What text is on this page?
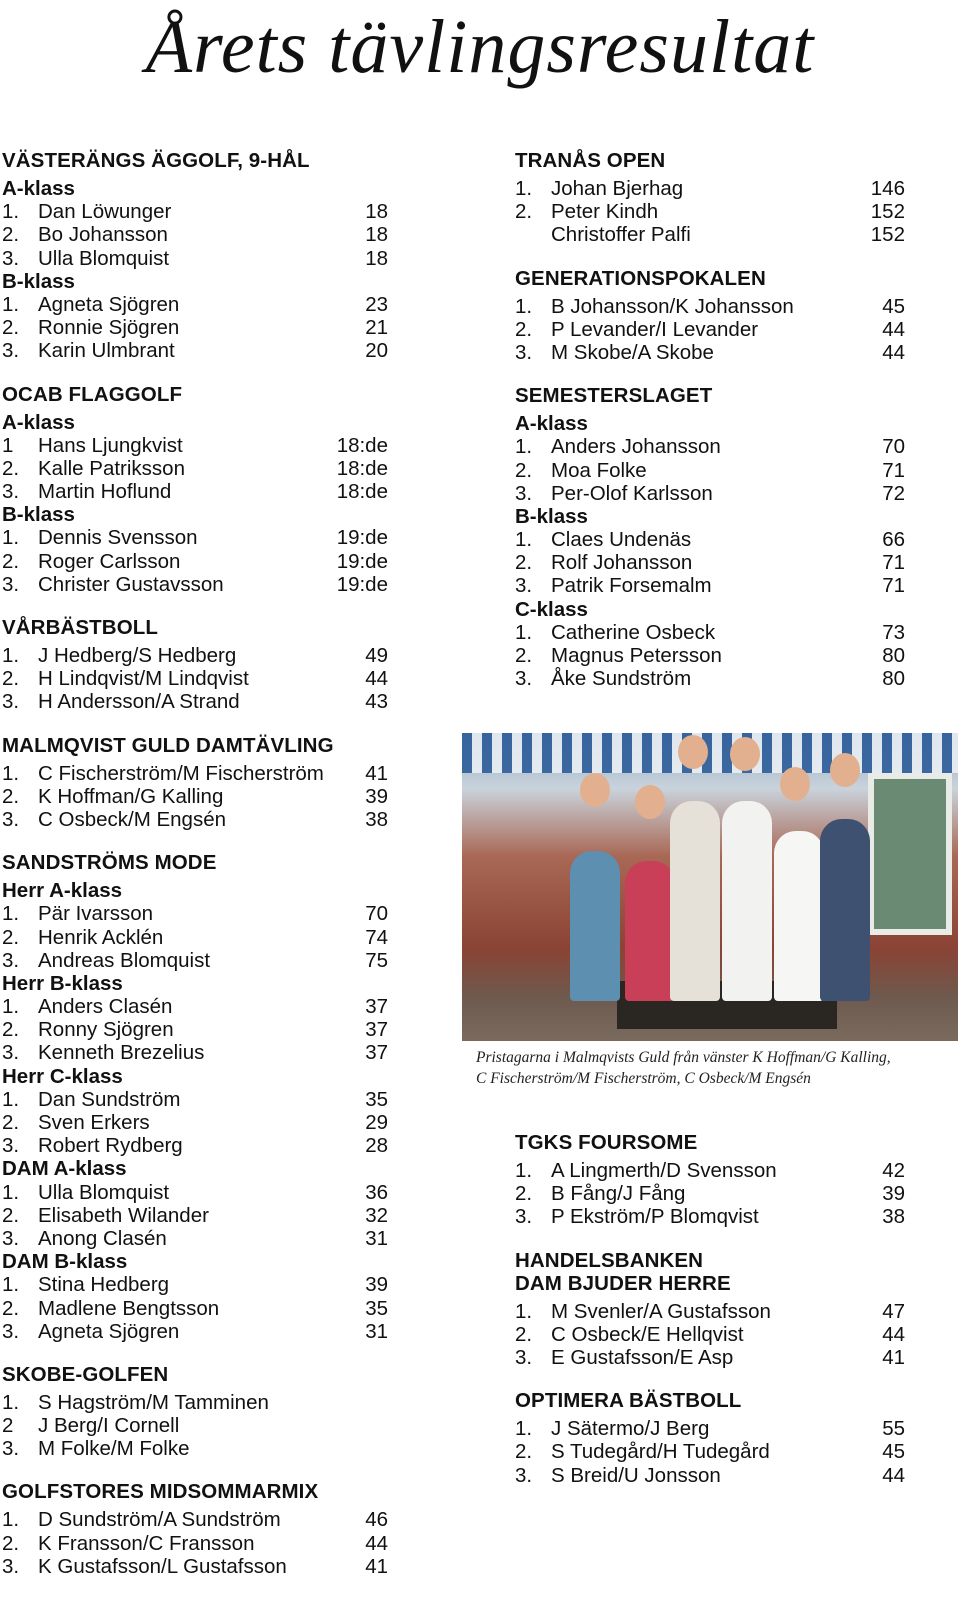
Årets tävlingsresultat
VÄSTERÄNGS ÄGGOLF, 9-HÅL
A-klass
1. Dan Löwunger	18
2. Bo Johansson	18
3. Ulla Blomquist	18
B-klass
1. Agneta Sjögren	23
2. Ronnie Sjögren	21
3. Karin Ulmbrant	20
OCAB FLAGGOLF
A-klass
1	Hans Ljungkvist	18:de
2. Kalle Patriksson	18:de
3. Martin Hoflund	18:de
B-klass
1. Dennis Svensson	19:de
2. Roger Carlsson	19:de
3. Christer Gustavsson	19:de
VÅRBÄSTBOLL
1. J Hedberg/S Hedberg	49
2. H Lindqvist/M Lindqvist	44
3. H Andersson/A Strand	43
MALMQVIST GULD DAMTÄVLING
1. C Fischerström/M Fischerström	41
2. K Hoffman/G Kalling	39
3. C Osbeck/M Engsén	38
SANDSTRÖMS MODE
Herr A-klass
1. Pär Ivarsson	70
2. Henrik Acklén	74
3. Andreas Blomquist	75
Herr B-klass
1. Anders Clasén	37
2. Ronny Sjögren	37
3. Kenneth Brezelius	37
Herr C-klass
1. Dan Sundström	35
2. Sven Erkers	29
3. Robert Rydberg	28
DAM A-klass
1. Ulla Blomquist	36
2. Elisabeth Wilander	32
3. Anong Clasén	31
DAM B-klass
1. Stina Hedberg	39
2. Madlene Bengtsson	35
3. Agneta Sjögren	31
SKOBE-GOLFEN
1. S Hagström/M Tamminen
2	J Berg/I Cornell
3. M Folke/M Folke
GOLFSTORES MIDSOMMARMIX
1. D Sundström/A Sundström	46
2. K Fransson/C Fransson	44
3. K Gustafsson/L Gustafsson	41
TRANÅS OPEN
1. Johan Bjerhag	146
2. Peter Kindh	152
Christoffer Palfi	152
GENERATIONSPOKALEN
1. B Johansson/K Johansson	45
2. P Levander/I Levander	44
3. M Skobe/A Skobe	44
SEMESTERSLAGET
A-klass
1. Anders Johansson	70
2. Moa Folke	71
3. Per-Olof Karlsson	72
B-klass
1. Claes Undenäs	66
2. Rolf Johansson	71
3. Patrik Forsemalm	71
C-klass
1. Catherine Osbeck	73
2. Magnus Petersson	80
3. Åke Sundström	80
Pristagarna i Malmqvists Guld från vänster K Hoffman/G Kalling,
C Fischerström/M Fischerström, C Osbeck/M Engsén
TGKS FOURSOME
1. A Lingmerth/D Svensson	42
2. B Fång/J Fång	39
3. P Ekström/P Blomqvist	38
HANDELSBANKEN
DAM BJUDER HERRE
1. M Svenler/A Gustafsson	47
2. C Osbeck/E Hellqvist	44
3. E Gustafsson/E Asp	41
OPTIMERA BÄSTBOLL
1. J Sätermo/J Berg	55
2. S Tudegård/H Tudegård	45
3. S Breid/U Jonsson	44
